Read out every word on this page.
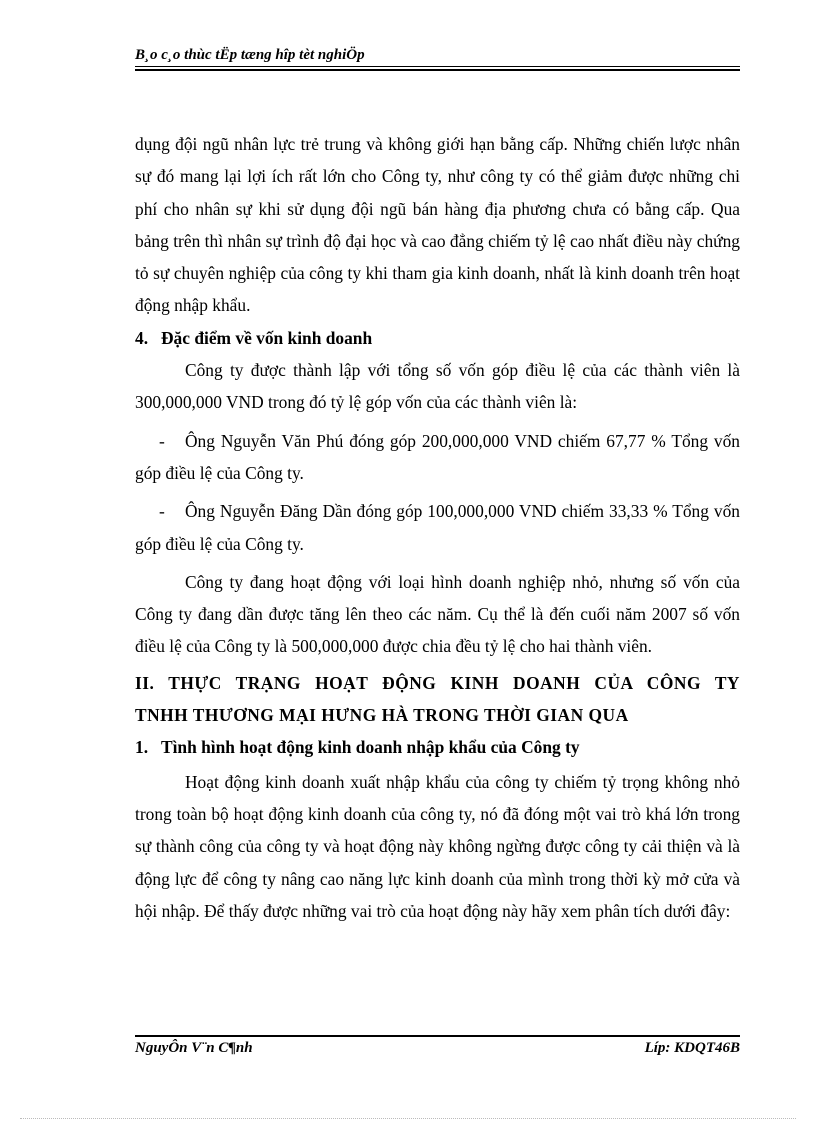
B¸o c¸o thùc tËp tæng hîp tèt nghiÖp

dụng đội ngũ nhân lực trẻ trung và không giới hạn bằng cấp. Những chiến lược nhân sự đó mang lại lợi ích rất lớn cho Công ty, như công ty có thể giảm được những chi phí cho nhân sự khi sử dụng đội ngũ bán hàng địa phương chưa có bằng cấp. Qua bảng trên thì nhân sự trình độ đại học và cao đẳng chiếm tỷ lệ cao nhất điều này chứng tỏ sự chuyên nghiệp của công ty khi tham gia kinh doanh, nhất là kinh doanh trên hoạt động nhập khẩu.

4. Đặc điểm về vốn kinh doanh

Công ty được thành lập với tổng số vốn góp điều lệ của các thành viên là 300,000,000 VND trong đó tỷ lệ góp vốn của các thành viên là:

- Ông Nguyễn Văn Phú đóng góp 200,000,000 VND chiếm 67,77 % Tổng vốn góp điều lệ của Công ty.

- Ông Nguyễn Đăng Dần đóng góp 100,000,000 VND chiếm 33,33 % Tổng vốn góp điều lệ của Công ty.

Công ty đang hoạt động với loại hình doanh nghiệp nhỏ, nhưng số vốn của Công ty đang dần được tăng lên theo các năm. Cụ thể là đến cuối năm 2007 số vốn điều lệ của Công ty là 500,000,000 được chia đều tỷ lệ cho hai thành viên.

II. THỰC TRẠNG HOẠT ĐỘNG KINH DOANH CỦA CÔNG TY

TNHH THƯƠNG MẠI HƯNG HÀ TRONG THỜI GIAN QUA

1. Tình hình hoạt động kinh doanh nhập khẩu của Công ty

Hoạt động kinh doanh xuất nhập khẩu của công ty chiếm tỷ trọng không nhỏ trong toàn bộ hoạt động kinh doanh của công ty, nó đã đóng một vai trò khá lớn trong sự thành công của công ty và hoạt động này không ngừng được công ty cải thiện và là động lực để công ty nâng cao năng lực kinh doanh của mình trong thời kỳ mở cửa và hội nhập. Để thấy được những vai trò của hoạt động này hãy xem phân tích dưới đây:

NguyÔn V¨n C¶nh	Líp: KDQT46B
